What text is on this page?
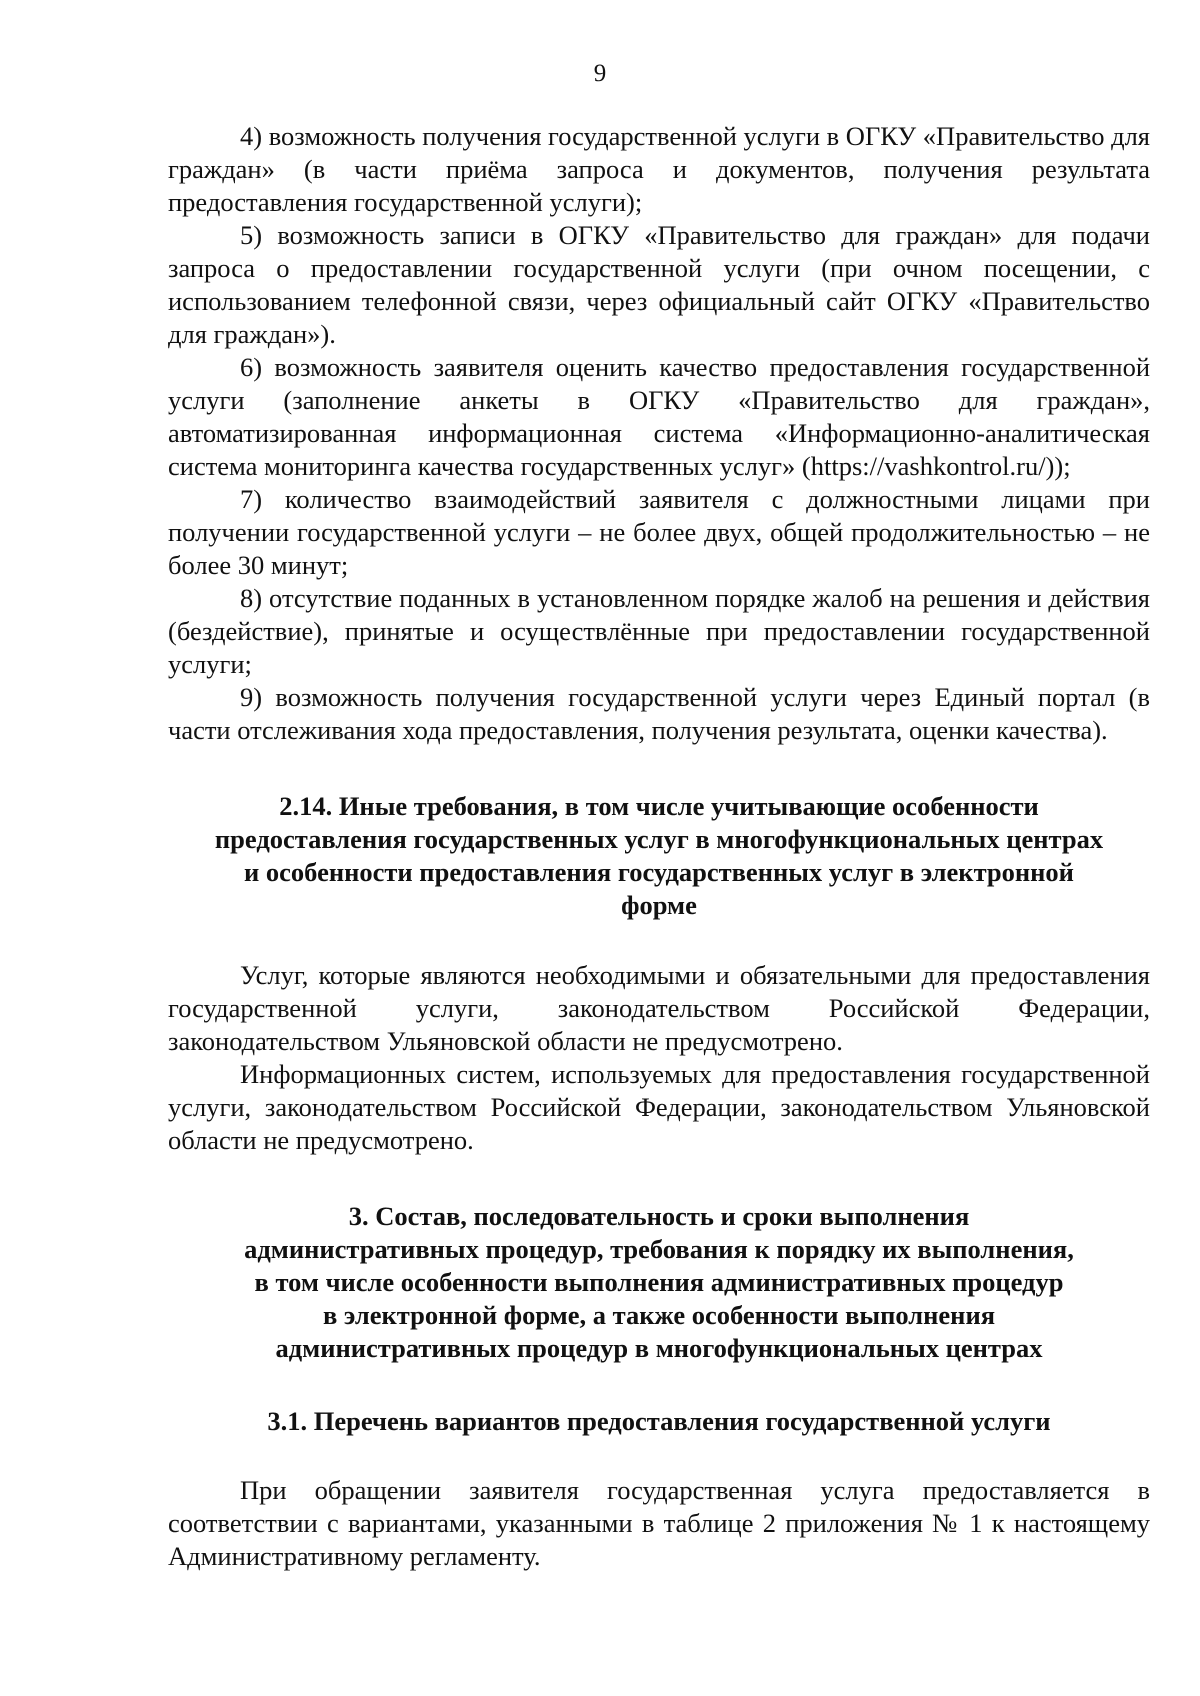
9

4) возможность получения государственной услуги в ОГКУ «Правительство для граждан» (в части приёма запроса и документов, получения результата предоставления государственной услуги);

5) возможность записи в ОГКУ «Правительство для граждан» для подачи запроса о предоставлении государственной услуги (при очном посещении, с использованием телефонной связи, через официальный сайт ОГКУ «Правительство для граждан»).

6) возможность заявителя оценить качество предоставления государственной услуги (заполнение анкеты в ОГКУ «Правительство для граждан», автоматизированная информационная система «Информационно-аналитическая система мониторинга качества государственных услуг» (https://vashkontrol.ru/));

7) количество взаимодействий заявителя с должностными лицами при получении государственной услуги – не более двух, общей продолжительностью – не более 30 минут;

8) отсутствие поданных в установленном порядке жалоб на решения и действия (бездействие), принятые и осуществлённые при предоставлении государственной услуги;

9) возможность получения государственной услуги через Единый портал (в части отслеживания хода предоставления, получения результата, оценки качества).

2.14. Иные требования, в том числе учитывающие особенности
предоставления государственных услуг в многофункциональных центрах
и особенности предоставления государственных услуг в электронной
форме

Услуг, которые являются необходимыми и обязательными для предоставления государственной услуги, законодательством Российской Федерации, законодательством Ульяновской области не предусмотрено.

Информационных систем, используемых для предоставления государственной услуги, законодательством Российской Федерации, законодательством Ульяновской области не предусмотрено.

3. Состав, последовательность и сроки выполнения
административных процедур, требования к порядку их выполнения,
в том числе особенности выполнения административных процедур
в электронной форме, а также особенности выполнения
административных процедур в многофункциональных центрах
3.1. Перечень вариантов предоставления государственной услуги

При обращении заявителя государственная услуга предоставляется в соответствии с вариантами, указанными в таблице 2 приложения № 1 к настоящему Административному регламенту.
